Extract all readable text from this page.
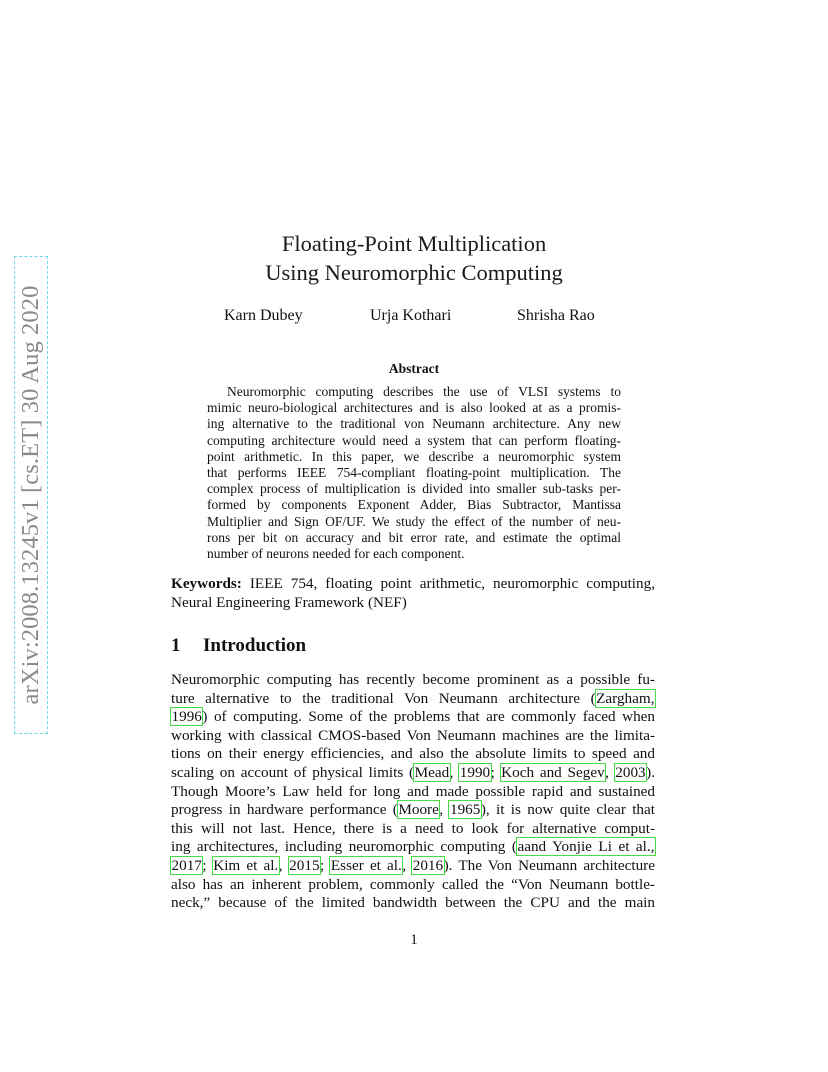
arXiv:2008.13245v1 [cs.ET] 30 Aug 2020
Floating-Point Multiplication
Using Neuromorphic Computing
Karn Dubey	Urja Kothari	Shrisha Rao
Abstract
Neuromorphic computing describes the use of VLSI systems to
mimic neuro-biological architectures and is also looked at as a promis-
ing alternative to the traditional von Neumann architecture. Any new
computing architecture would need a system that can perform floating-
point arithmetic. In this paper, we describe a neuromorphic system
that performs IEEE 754-compliant floating-point multiplication. The
complex process of multiplication is divided into smaller sub-tasks per-
formed by components Exponent Adder, Bias Subtractor, Mantissa
Multiplier and Sign OF/UF. We study the effect of the number of neu-
rons per bit on accuracy and bit error rate, and estimate the optimal
number of neurons needed for each component.
Keywords: IEEE 754, floating point arithmetic, neuromorphic computing,
Neural Engineering Framework (NEF)
1 Introduction
Neuromorphic computing has recently become prominent as a possible fu-
ture alternative to the traditional Von Neumann architecture (Zargham,
1996) of computing. Some of the problems that are commonly faced when
working with classical CMOS-based Von Neumann machines are the limita-
tions on their energy efficiencies, and also the absolute limits to speed and
scaling on account of physical limits (Mead, 1990; Koch and Segev, 2003).
Though Moore’s Law held for long and made possible rapid and sustained
progress in hardware performance (Moore, 1965), it is now quite clear that
this will not last. Hence, there is a need to look for alternative comput-
ing architectures, including neuromorphic computing (aand Yonjie Li et al.,
2017; Kim et al., 2015; Esser et al., 2016). The Von Neumann architecture
also has an inherent problem, commonly called the “Von Neumann bottle-
neck,” because of the limited bandwidth between the CPU and the main
1
